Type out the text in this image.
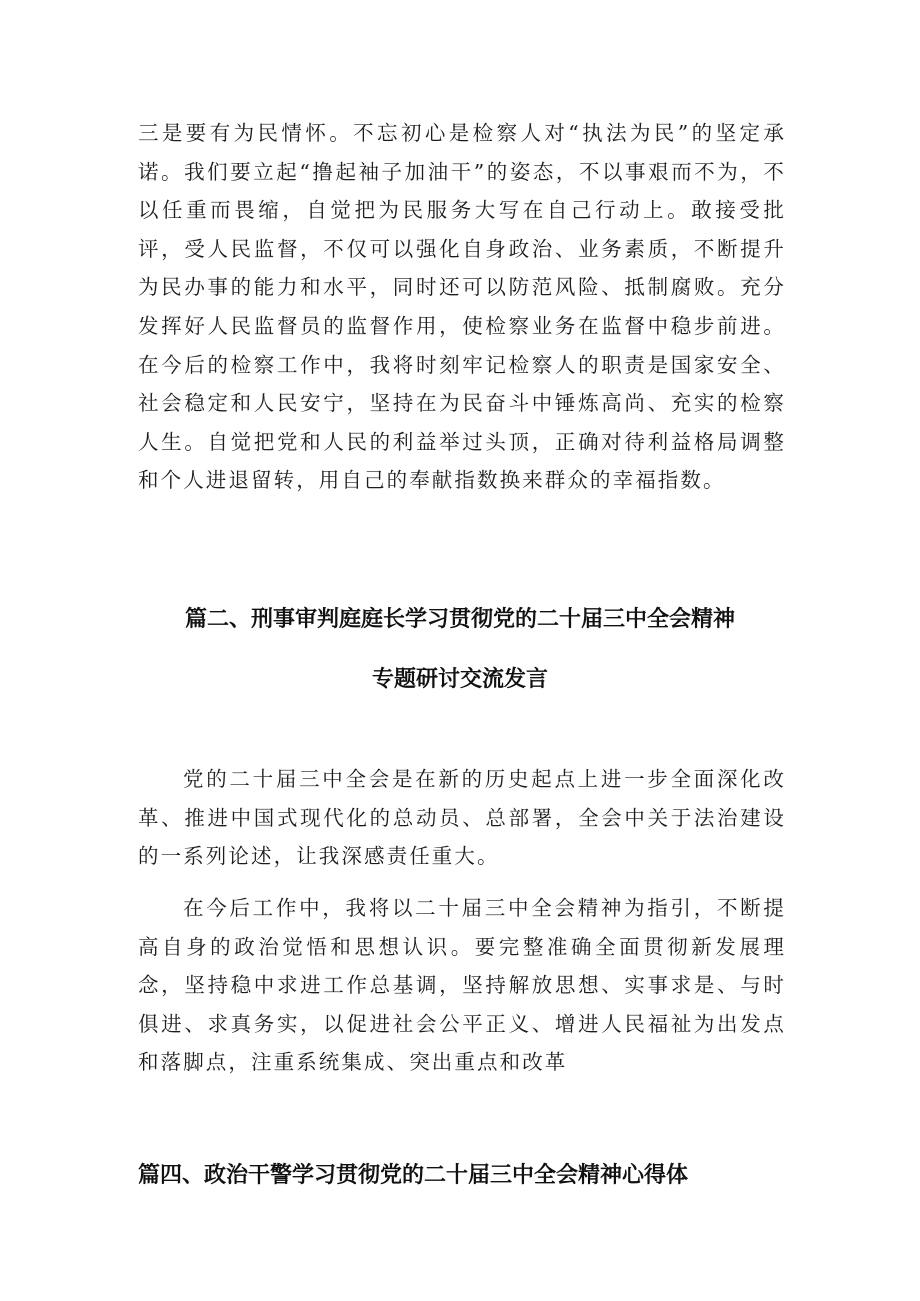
三是要有为民情怀。不忘初心是检察人对“执法为民”的坚定承诺。我们要立起“撸起袖子加油干”的姿态，不以事艰而不为，不以任重而畏缩，自觉把为民服务大写在自己行动上。敢接受批评，受人民监督，不仅可以强化自身政治、业务素质，不断提升为民办事的能力和水平，同时还可以防范风险、抵制腐败。充分发挥好人民监督员的监督作用，使检察业务在监督中稳步前进。在今后的检察工作中，我将时刻牢记检察人的职责是国家安全、社会稳定和人民安宁，坚持在为民奋斗中锤炼高尚、充实的检察人生。自觉把党和人民的利益举过头顶，正确对待利益格局调整和个人进退留转，用自己的奉献指数换来群众的幸福指数。

篇二、刑事审判庭庭长学习贯彻党的二十届三中全会精神
专题研讨交流发言

党的二十届三中全会是在新的历史起点上进一步全面深化改革、推进中国式现代化的总动员、总部署，全会中关于法治建设的一系列论述，让我深感责任重大。

在今后工作中，我将以二十届三中全会精神为指引，不断提高自身的政治觉悟和思想认识。要完整准确全面贯彻新发展理念，坚持稳中求进工作总基调，坚持解放思想、实事求是、与时俱进、求真务实，以促进社会公平正义、增进人民福祉为出发点和落脚点，注重系统集成、突出重点和改革

篇四、政治干警学习贯彻党的二十届三中全会精神心得体
